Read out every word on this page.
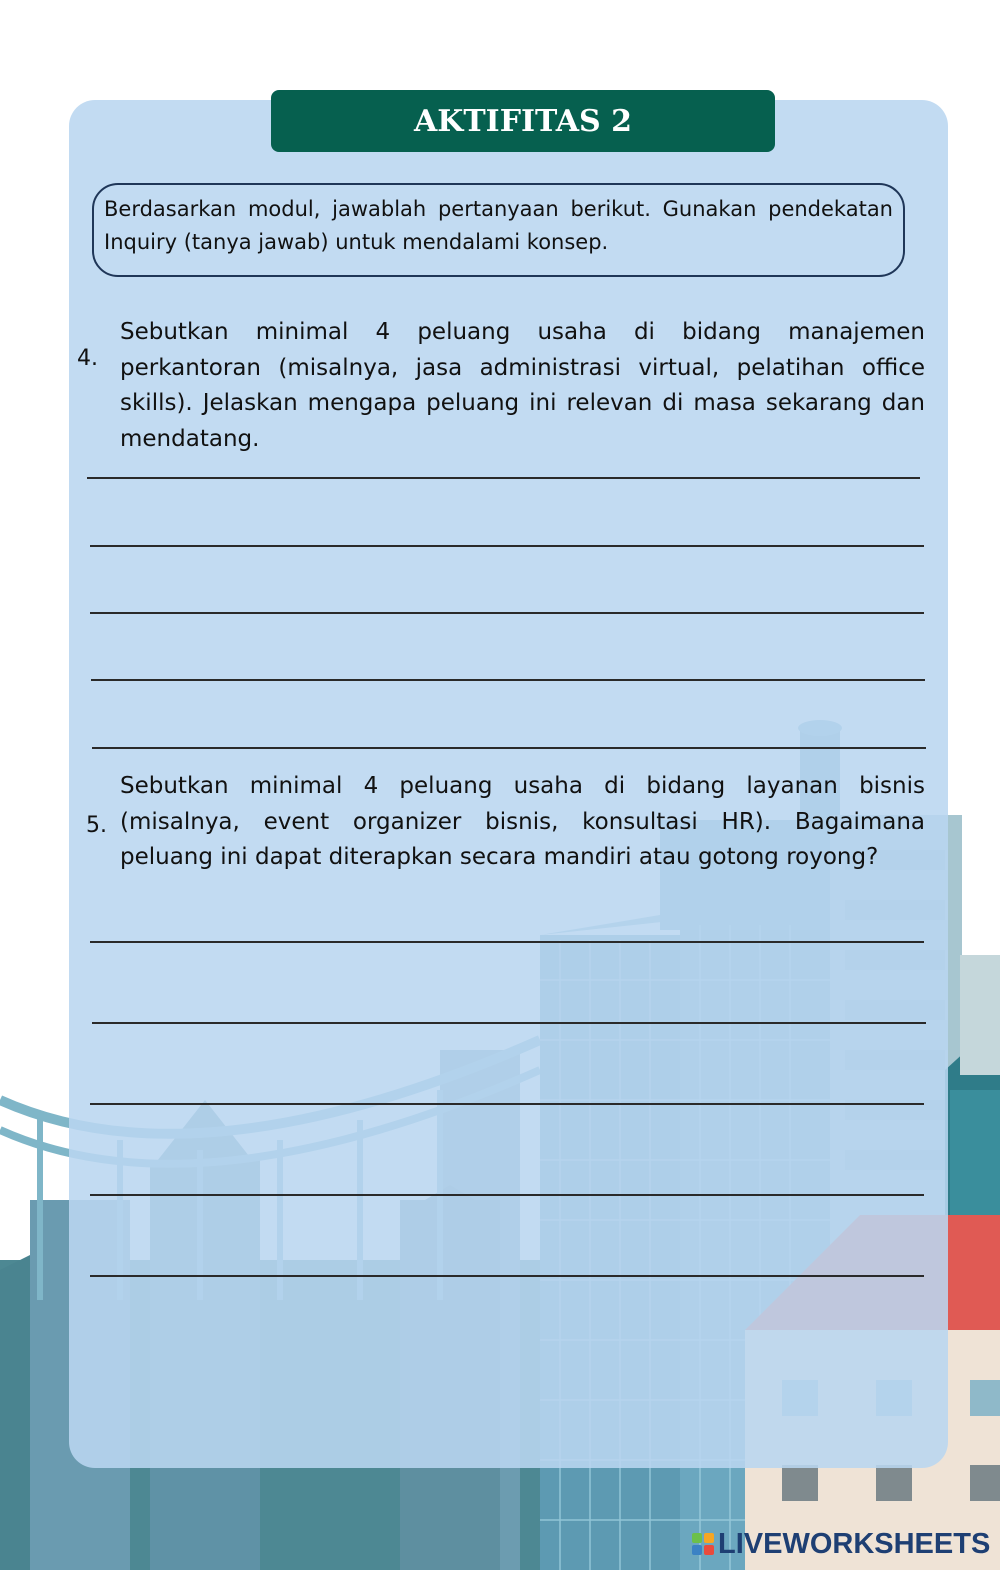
AKTIFITAS 2
Berdasarkan modul, jawablah pertanyaan berikut. Gunakan pendekatan Inquiry (tanya jawab) untuk mendalami konsep.
4.
Sebutkan minimal 4 peluang usaha di bidang manajemen perkantoran (misalnya, jasa administrasi virtual, pelatihan office skills). Jelaskan mengapa peluang ini relevan di masa sekarang dan mendatang.
5.
Sebutkan minimal 4 peluang usaha di bidang layanan bisnis (misalnya, event organizer bisnis, konsultasi HR). Bagaimana peluang ini dapat diterapkan secara mandiri atau gotong royong?
LIVEWORKSHEETS
